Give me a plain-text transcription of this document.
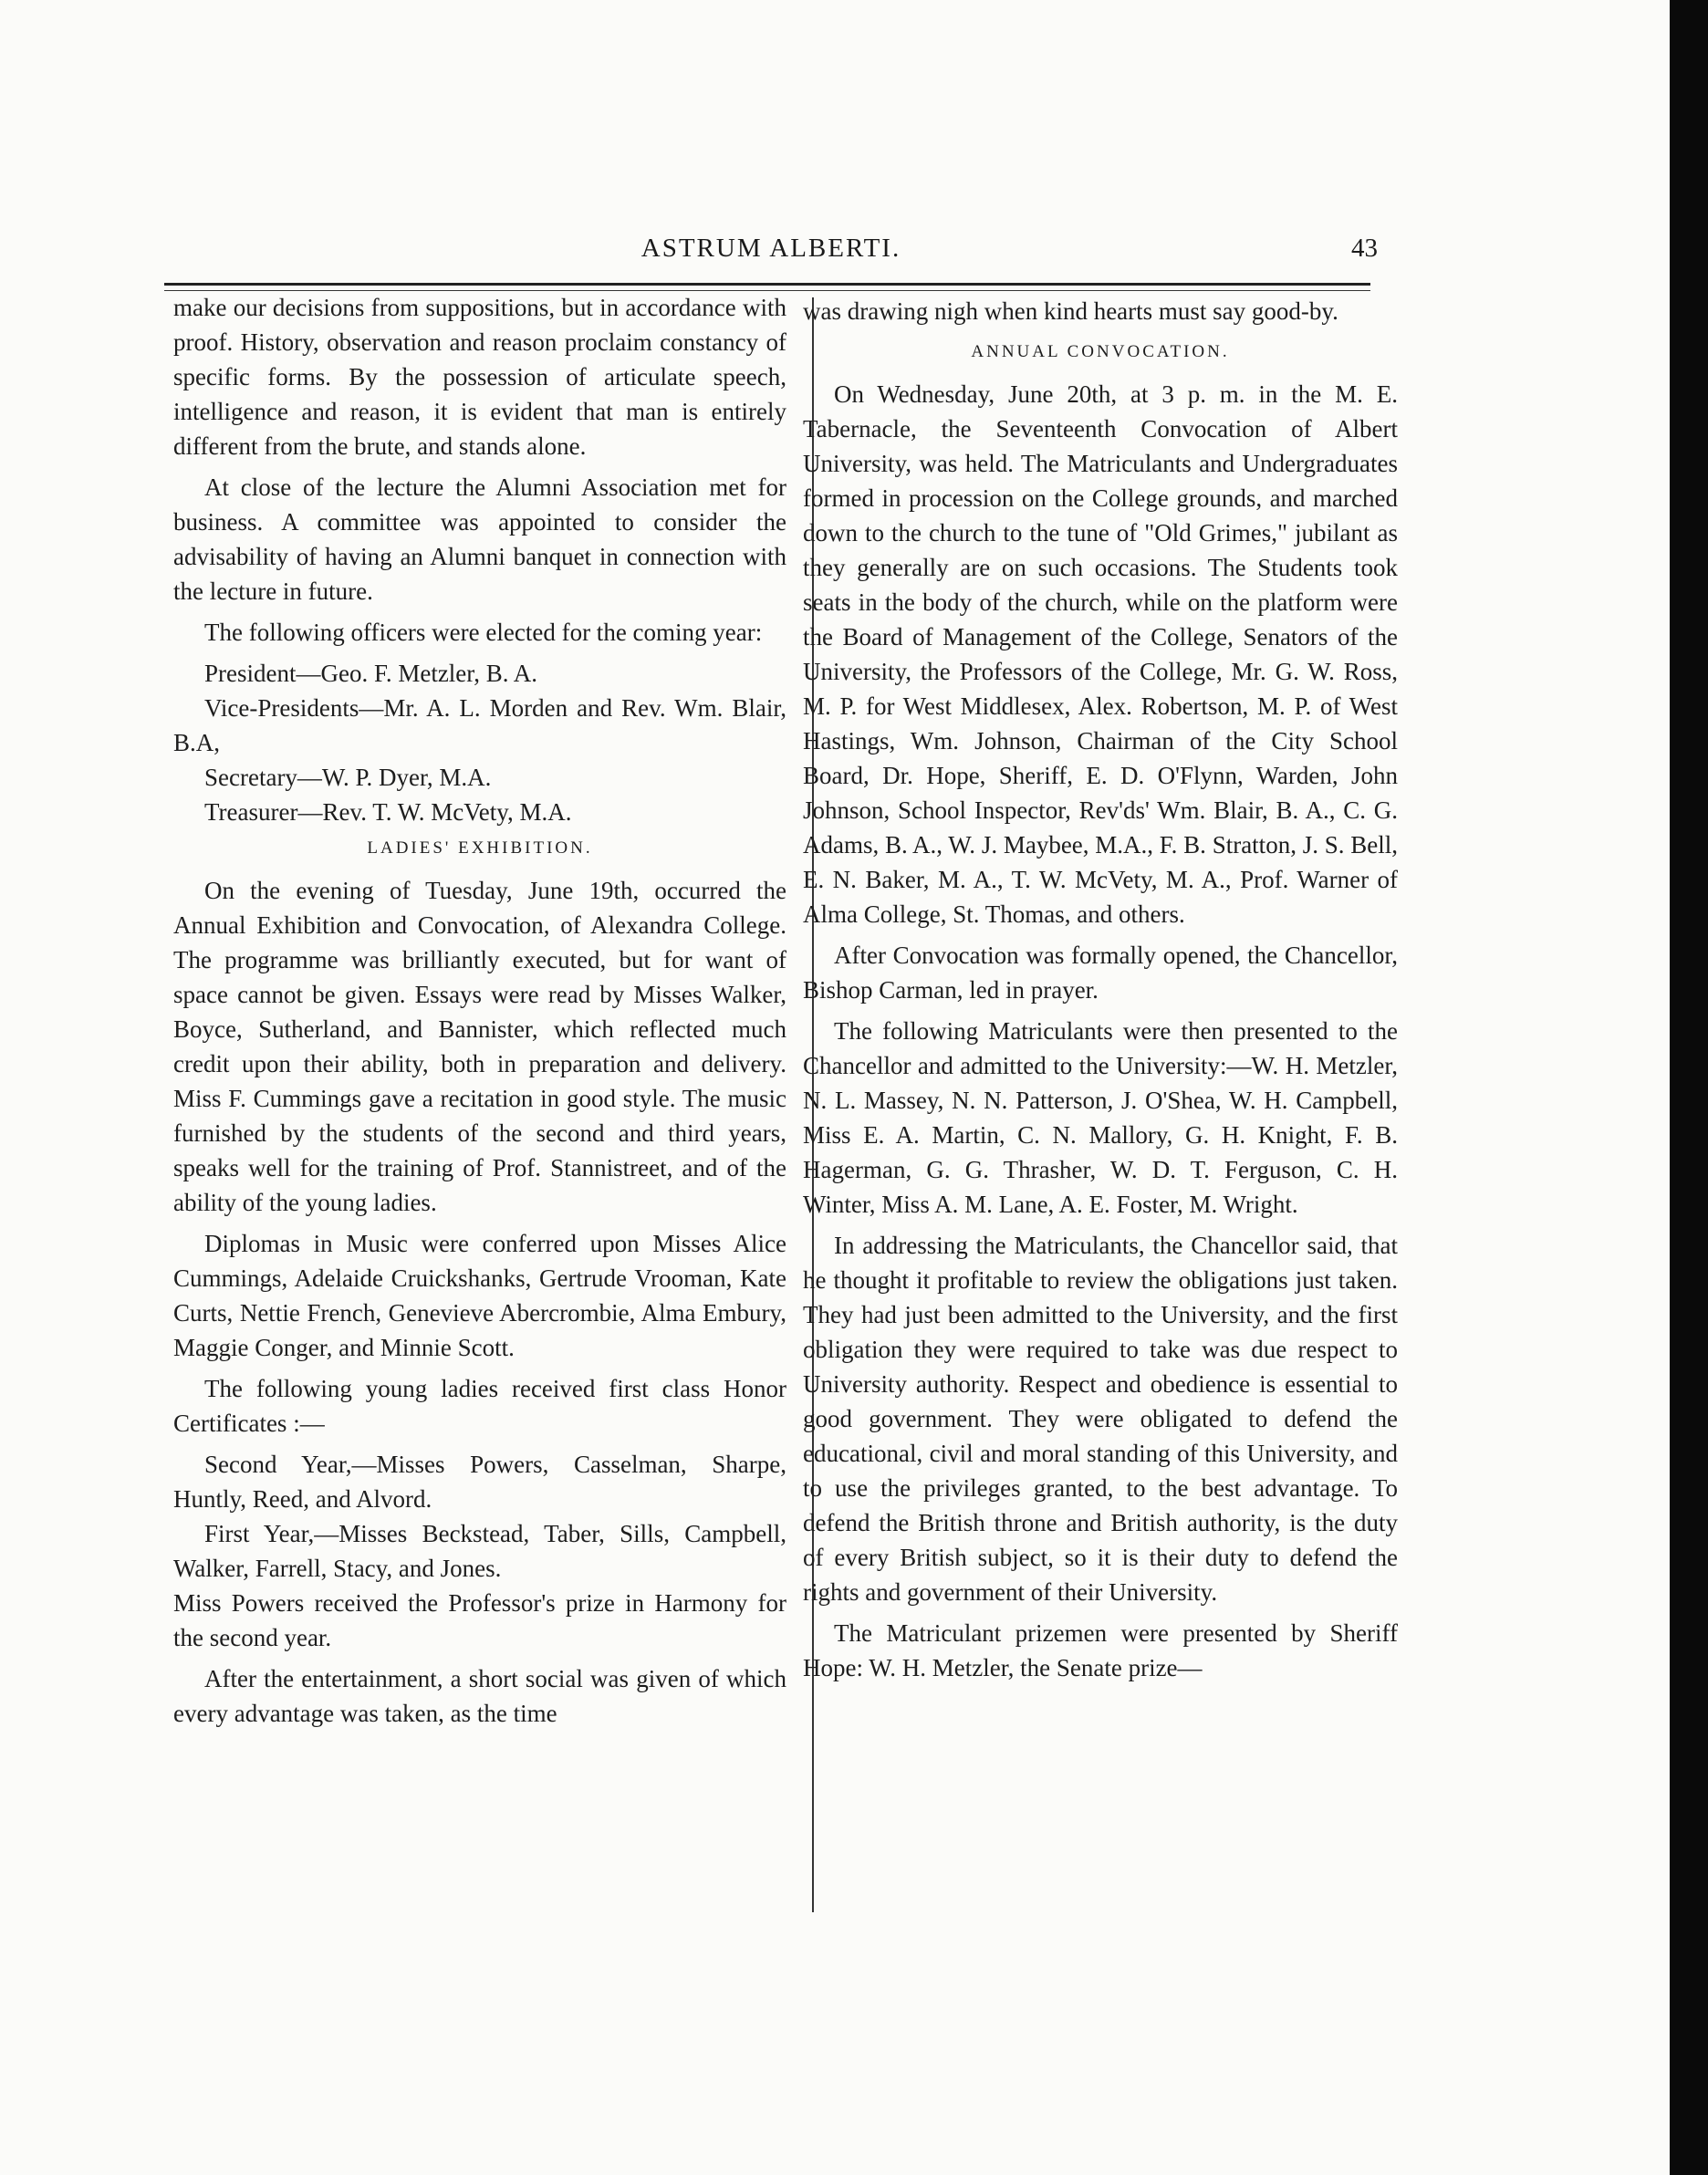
ASTRUM ALBERTI.	43

make our decisions from suppositions, but in accordance with proof. History, observation and reason proclaim constancy of specific forms. By the possession of articulate speech, intelligence and reason, it is evident that man is entirely different from the brute, and stands alone.

At close of the lecture the Alumni Association met for business. A committee was appointed to consider the advisability of having an Alumni banquet in connection with the lecture in future.

The following officers were elected for the coming year:

President—Geo. F. Metzler, B. A.

Vice-Presidents—Mr. A. L. Morden and Rev. Wm. Blair, B.A,

Secretary—W. P. Dyer, M.A.

Treasurer—Rev. T. W. McVety, M.A.

LADIES' EXHIBITION.

On the evening of Tuesday, June 19th, occurred the Annual Exhibition and Convocation, of Alexandra College. The programme was brilliantly executed, but for want of space cannot be given. Essays were read by Misses Walker, Boyce, Sutherland, and Bannister, which reflected much credit upon their ability, both in preparation and delivery. Miss F. Cummings gave a recitation in good style. The music furnished by the students of the second and third years, speaks well for the training of Prof. Stannistreet, and of the ability of the young ladies.

Diplomas in Music were conferred upon Misses Alice Cummings, Adelaide Cruickshanks, Gertrude Vrooman, Kate Curts, Nettie French, Genevieve Abercrombie, Alma Embury, Maggie Conger, and Minnie Scott.

The following young ladies received first class Honor Certificates :—

Second Year,—Misses Powers, Casselman, Sharpe, Huntly, Reed, and Alvord.

First Year,—Misses Beckstead, Taber, Sills, Campbell, Walker, Farrell, Stacy, and Jones.

Miss Powers received the Professor's prize in Harmony for the second year.

After the entertainment, a short social was given of which every advantage was taken, as the time

was drawing nigh when kind hearts must say good-by.

ANNUAL CONVOCATION.

On Wednesday, June 20th, at 3 p. m. in the M. E. Tabernacle, the Seventeenth Convocation of Albert University, was held. The Matriculants and Undergraduates formed in procession on the College grounds, and marched down to the church to the tune of "Old Grimes," jubilant as they generally are on such occasions. The Students took seats in the body of the church, while on the platform were the Board of Management of the College, Senators of the University, the Professors of the College, Mr. G. W. Ross, M. P. for West Middlesex, Alex. Robertson, M. P. of West Hastings, Wm. Johnson, Chairman of the City School Board, Dr. Hope, Sheriff, E. D. O'Flynn, Warden, John Johnson, School Inspector, Rev'ds' Wm. Blair, B. A., C. G. Adams, B. A., W. J. Maybee, M.A., F. B. Stratton, J. S. Bell, E. N. Baker, M. A., T. W. McVety, M. A., Prof. Warner of Alma College, St. Thomas, and others.

After Convocation was formally opened, the Chancellor, Bishop Carman, led in prayer.

The following Matriculants were then presented to the Chancellor and admitted to the University:—W. H. Metzler, N. L. Massey, N. N. Patterson, J. O'Shea, W. H. Campbell, Miss E. A. Martin, C. N. Mallory, G. H. Knight, F. B. Hagerman, G. G. Thrasher, W. D. T. Ferguson, C. H. Winter, Miss A. M. Lane, A. E. Foster, M. Wright.

In addressing the Matriculants, the Chancellor said, that he thought it profitable to review the obligations just taken. They had just been admitted to the University, and the first obligation they were required to take was due respect to University authority. Respect and obedience is essential to good government. They were obligated to defend the educational, civil and moral standing of this University, and to use the privileges granted, to the best advantage. To defend the British throne and British authority, is the duty of every British subject, so it is their duty to defend the rights and government of their University.

The Matriculant prizemen were presented by Sheriff Hope: W. H. Metzler, the Senate prize—
